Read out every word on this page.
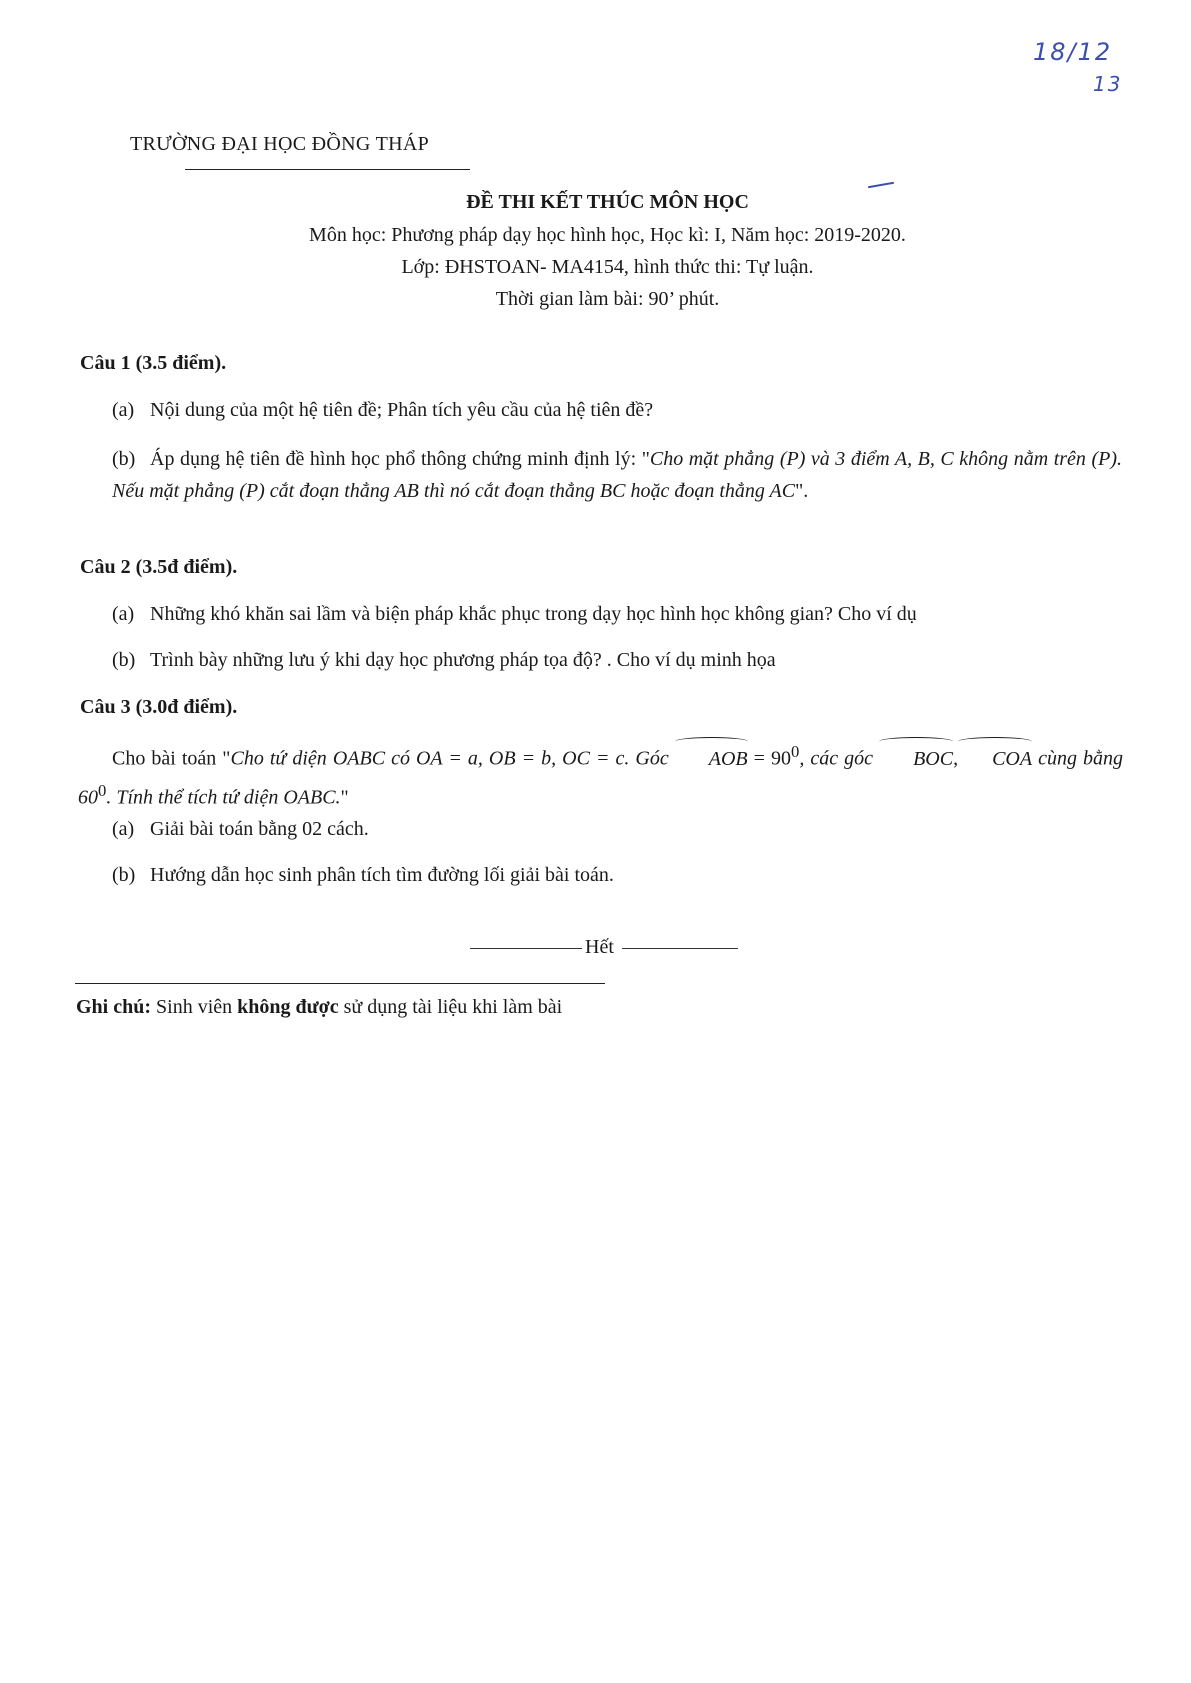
18/12
13
TRƯỜNG ĐẠI HỌC ĐỒNG THÁP
ĐỀ THI KẾT THÚC MÔN HỌC
Môn học: Phương pháp dạy học hình học, Học kì: I, Năm học: 2019-2020.
Lớp: ĐHSTOAN- MA4154, hình thức thi: Tự luận.
Thời gian làm bài: 90’ phút.
Câu 1 (3.5 điểm).
(a) Nội dung của một hệ tiên đề; Phân tích yêu cầu của hệ tiên đề?
(b) Áp dụng hệ tiên đề hình học phổ thông chứng minh định lý: "Cho mặt phẳng (P) và 3 điểm A, B, C không nằm trên (P). Nếu mặt phẳng (P) cắt đoạn thẳng AB thì nó cắt đoạn thẳng BC hoặc đoạn thẳng AC".
Câu 2 (3.5đ điểm).
(a) Những khó khăn sai lầm và biện pháp khắc phục trong dạy học hình học không gian? Cho ví dụ
(b) Trình bày những lưu ý khi dạy học phương pháp tọa độ? . Cho ví dụ minh họa
Câu 3 (3.0đ điểm).
Cho bài toán "Cho tứ diện OABC có OA = a, OB = b, OC = c. Góc AOB = $90^0$, các góc BOC, COA cùng bằng $60^0$. Tính thể tích tứ diện OABC."
(a) Giải bài toán bằng 02 cách.
(b) Hướng dẫn học sinh phân tích tìm đường lối giải bài toán.
Hết
Ghi chú: Sinh viên không được sử dụng tài liệu khi làm bài
